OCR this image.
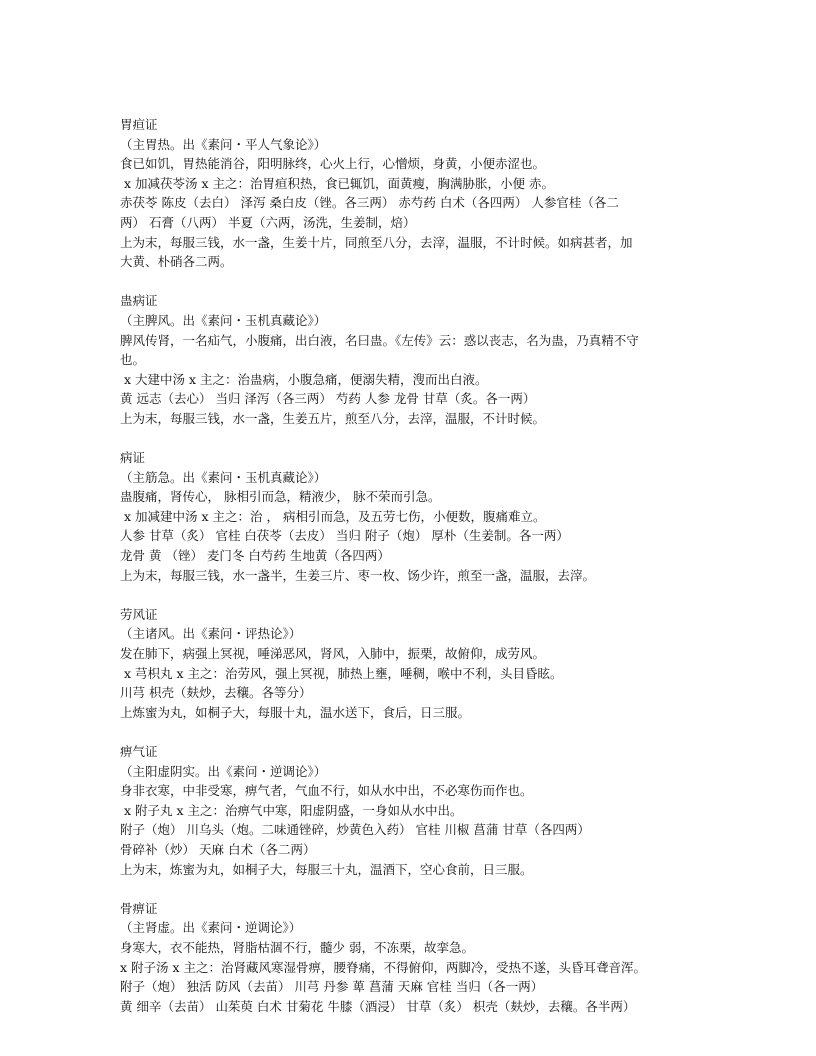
胃疸证
（主胃热。出《素问・平人气象论》）
食已如饥，胃热能消谷，阳明脉终，心火上行，心憎烦，身黄，小便赤涩也。
x 加减茯苓汤 x 主之：治胃疸积热，食已辄饥，面黄瘦，胸满胁胀，小便 赤。
赤茯苓 陈皮（去白） 泽泻 桑白皮（锉。各三两） 赤芍药 白术（各四两） 人参官桂（各二
两） 石膏（八两） 半夏（六两，汤洗，生姜制，焙）
上为末，每服三钱，水一盏，生姜十片，同煎至八分，去滓，温服，不计时候。如病甚者，加
大黄、朴硝各二两。
蛊病证
（主脾风。出《素问・玉机真藏论》）
脾风传肾，一名疝气，小腹痛，出白液，名曰蛊。《左传》云：惑以丧志，名为蛊，乃真精不守
也。
x 大建中汤 x 主之：治蛊病，小腹急痛，便溺失精，溲而出白液。
黄 远志（去心） 当归 泽泻（各三两） 芍药 人参 龙骨 甘草（炙。各一两）
上为末，每服三钱，水一盏，生姜五片，煎至八分，去滓，温服，不计时候。
病证
（主筋急。出《素问・玉机真藏论》）
蛊腹痛，肾传心， 脉相引而急，精液少， 脉不荣而引急。
x 加减建中汤 x 主之：治 ， 病相引而急，及五劳七伤，小便数，腹痛难立。
人参 甘草（炙） 官桂 白茯苓（去皮） 当归 附子（炮） 厚朴（生姜制。各一两）
龙骨 黄 （锉） 麦门冬 白芍药 生地黄（各四两）
上为末，每服三钱，水一盏半，生姜三片、枣一枚、饧少许，煎至一盏，温服，去滓。
劳风证
（主诸风。出《素问・评热论》）
发在肺下，病强上冥视，唾涕恶风，肾风，入肺中，振栗，故俯仰，成劳风。
x 芎枳丸 x 主之：治劳风，强上冥视，肺热上壅，唾稠，喉中不利，头目昏眩。
川芎 枳壳（麸炒，去穰。各等分）
上炼蜜为丸，如桐子大，每服十丸，温水送下，食后，日三服。
痹气证
（主阳虚阴实。出《素问・逆调论》）
身非衣寒，中非受寒，痹气者，气血不行，如从水中出，不必寒伤而作也。
x 附子丸 x 主之：治痹气中寒，阳虚阴盛，一身如从水中出。
附子（炮） 川乌头（炮。二味通锉碎，炒黄色入药） 官桂 川椒 菖蒲 甘草（各四两）
骨碎补（炒） 天麻 白术（各二两）
上为末，炼蜜为丸，如桐子大，每服三十丸，温酒下，空心食前，日三服。
骨痹证
（主肾虚。出《素问・逆调论》）
身寒大，衣不能热，肾脂枯涸不行，髓少 弱，不冻栗，故挛急。
x 附子汤 x 主之：治肾藏风寒湿骨痹，腰脊痛，不得俯仰，两脚冷，受热不遂，头昏耳聋音浑。
附子（炮） 独活 防风（去苗） 川芎 丹参 萆 菖蒲 天麻 官桂 当归（各一两）
黄 细辛（去苗） 山茱萸 白术 甘菊花 牛膝（酒浸） 甘草（炙） 枳壳（麸炒，去穰。各半两）
